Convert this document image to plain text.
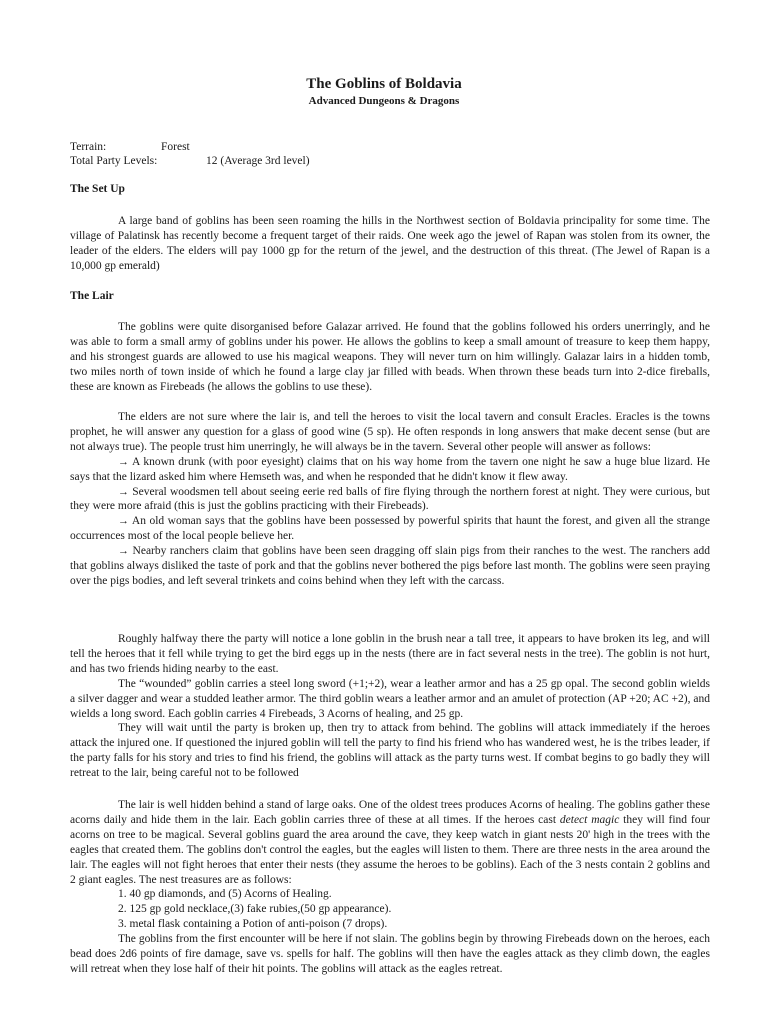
The Goblins of Boldavia
Advanced Dungeons & Dragons
Terrain:	Forest
Total Party Levels:	12 (Average 3rd level)
The Set Up

A large band of goblins has been seen roaming the hills in the Northwest section of Boldavia principality for some time. The village of Palatinsk has recently become a frequent target of their raids. One week ago the jewel of Rapan was stolen from its owner, the leader of the elders. The elders will pay 1000 gp for the return of the jewel, and the destruction of this threat. (The Jewel of Rapan is a 10,000 gp emerald)

The Lair

The goblins were quite disorganised before Galazar arrived. He found that the goblins followed his orders unerringly, and he was able to form a small army of goblins under his power. He allows the goblins to keep a small amount of treasure to keep them happy, and his strongest guards are allowed to use his magical weapons. They will never turn on him willingly. Galazar lairs in a hidden tomb, two miles north of town inside of which he found a large clay jar filled with beads. When thrown these beads turn into 2-dice fireballs, these are known as Firebeads (he allows the goblins to use these).

The elders are not sure where the lair is, and tell the heroes to visit the local tavern and consult Eracles. Eracles is the towns prophet, he will answer any question for a glass of good wine (5 sp). He often responds in long answers that make decent sense (but are not always true). The people trust him unerringly, he will always be in the tavern. Several other people will answer as follows:

→ A known drunk (with poor eyesight) claims that on his way home from the tavern one night he saw a huge blue lizard. He says that the lizard asked him where Hemseth was, and when he responded that he didn't know it flew away.

→ Several woodsmen tell about seeing eerie red balls of fire flying through the northern forest at night. They were curious, but they were more afraid (this is just the goblins practicing with their Firebeads).

→ An old woman says that the goblins have been possessed by powerful spirits that haunt the forest, and given all the strange occurrences most of the local people believe her.

→ Nearby ranchers claim that goblins have been seen dragging off slain pigs from their ranches to the west. The ranchers add that goblins always disliked the taste of pork and that the goblins never bothered the pigs before last month. The goblins were seen praying over the pigs bodies, and left several trinkets and coins behind when they left with the carcass.

Roughly halfway there the party will notice a lone goblin in the brush near a tall tree, it appears to have broken its leg, and will tell the heroes that it fell while trying to get the bird eggs up in the nests (there are in fact several nests in the tree). The goblin is not hurt, and has two friends hiding nearby to the east.

The “wounded” goblin carries a steel long sword (+1;+2), wear a leather armor and has a 25 gp opal. The second goblin wields a silver dagger and wear a studded leather armor. The third goblin wears a leather armor and an amulet of protection (AP +20; AC +2), and wields a long sword. Each goblin carries 4 Firebeads, 3 Acorns of healing, and 25 gp.

They will wait until the party is broken up, then try to attack from behind. The goblins will attack immediately if the heroes attack the injured one. If questioned the injured goblin will tell the party to find his friend who has wandered west, he is the tribes leader, if the party falls for his story and tries to find his friend, the goblins will attack as the party turns west. If combat begins to go badly they will retreat to the lair, being careful not to be followed

The lair is well hidden behind a stand of large oaks. One of the oldest trees produces Acorns of healing. The goblins gather these acorns daily and hide them in the lair. Each goblin carries three of these at all times. If the heroes cast detect magic they will find four acorns on tree to be magical. Several goblins guard the area around the cave, they keep watch in giant nests 20' high in the trees with the eagles that created them. The goblins don't control the eagles, but the eagles will listen to them. There are three nests in the area around the lair. The eagles will not fight heroes that enter their nests (they assume the heroes to be goblins). Each of the 3 nests contain 2 goblins and 2 giant eagles. The nest treasures are as follows:

1. 40 gp diamonds, and (5) Acorns of Healing.

2. 125 gp gold necklace,(3) fake rubies,(50 gp appearance).

3. metal flask containing a Potion of anti-poison (7 drops).

The goblins from the first encounter will be here if not slain. The goblins begin by throwing Firebeads down on the heroes, each bead does 2d6 points of fire damage, save vs. spells for half. The goblins will then have the eagles attack as they climb down, the eagles will retreat when they lose half of their hit points. The goblins will attack as the eagles retreat.
